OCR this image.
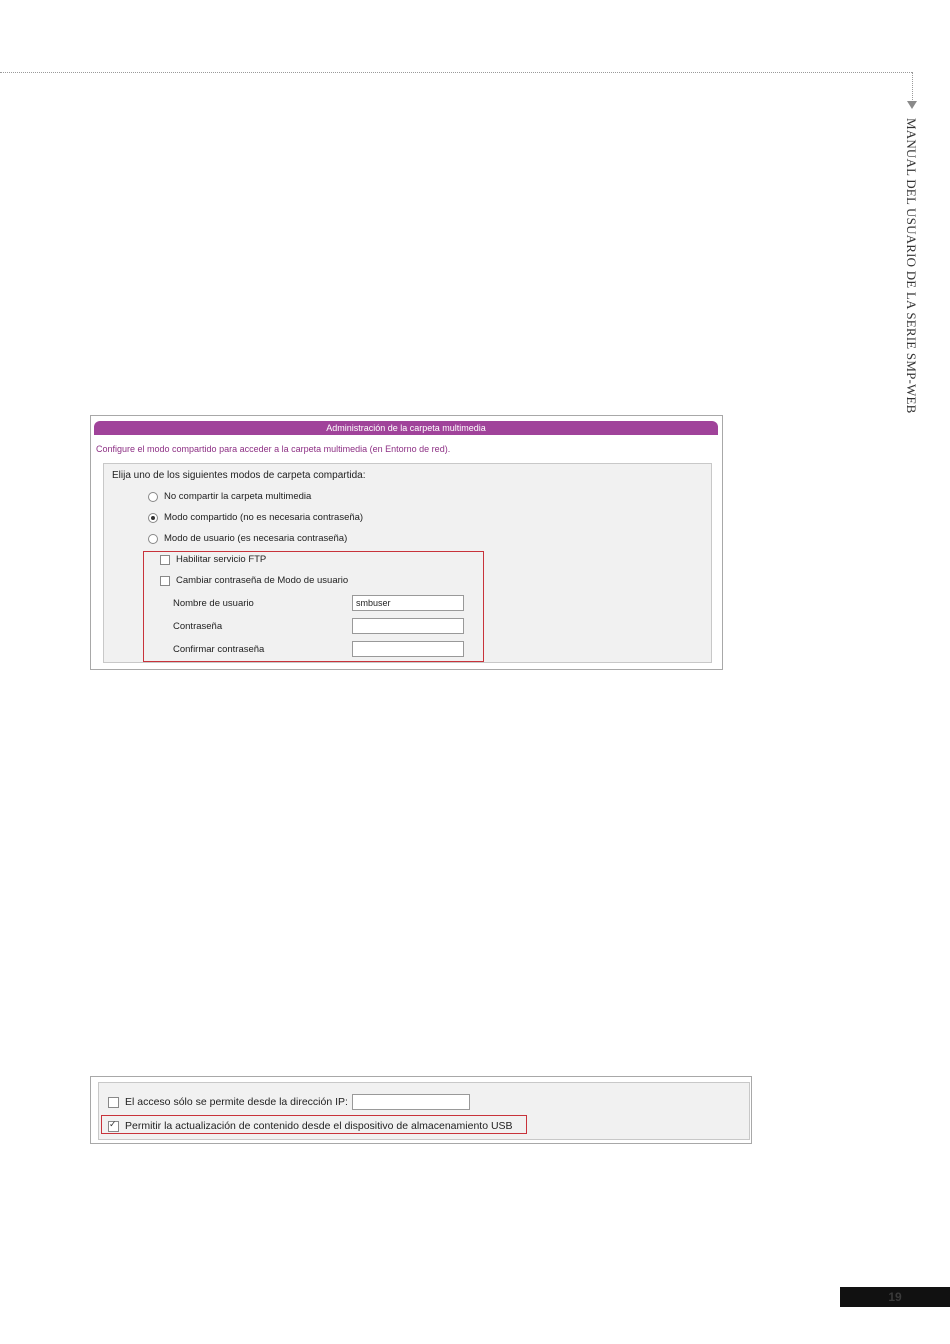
MANUAL DEL USUARIO DE LA SERIE SMP-WEB
Administración de la carpeta multimedia
Configure el modo compartido para acceder a la carpeta multimedia (en Entorno de red).
Elija uno de los siguientes modos de carpeta compartida:
No compartir la carpeta multimedia
Modo compartido (no es necesaria contraseña)
Modo de usuario (es necesaria contraseña)
Habilitar servicio FTP
Cambiar contraseña de Modo de usuario
Nombre de usuario	smbuser
Contraseña
Confirmar contraseña
El acceso sólo se permite desde la dirección IP:
✓
Permitir la actualización de contenido desde el dispositivo de almacenamiento USB
19
